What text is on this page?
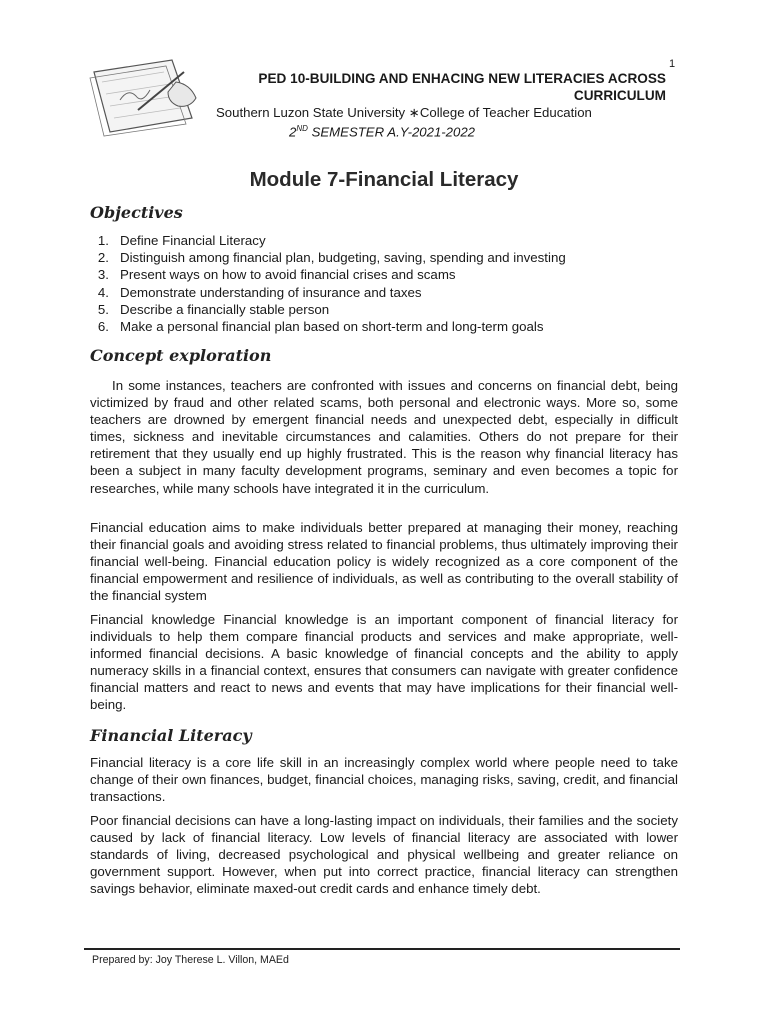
1
PED 10-BUILDING AND ENHACING NEW LITERACIES ACROSS
CURRICULUM
Southern Luzon State University ∗College of Teacher Education
2ND SEMESTER A.Y-2021-2022
Module 7-Financial Literacy
Objectives
1. Define Financial Literacy
2. Distinguish among financial plan, budgeting, saving, spending and investing
3. Present ways on how to avoid financial crises and scams
4. Demonstrate understanding of insurance and taxes
5. Describe a financially stable person
6. Make a personal financial plan based on short-term and long-term goals
Concept exploration

In some instances, teachers are confronted with issues and concerns on financial debt, being victimized by fraud and other related scams, both personal and electronic ways. More so, some teachers are drowned by emergent financial needs and unexpected debt, especially in difficult times, sickness and inevitable circumstances and calamities. Others do not prepare for their retirement that they usually end up highly frustrated. This is the reason why financial literacy has been a subject in many faculty development programs, seminary and even becomes a topic for researches, while many schools have integrated it in the curriculum.

Financial education aims to make individuals better prepared at managing their money, reaching their financial goals and avoiding stress related to financial problems, thus ultimately improving their financial well-being. Financial education policy is widely recognized as a core component of the financial empowerment and resilience of individuals, as well as contributing to the overall stability of the financial system

Financial knowledge Financial knowledge is an important component of financial literacy for individuals to help them compare financial products and services and make appropriate, well-informed financial decisions. A basic knowledge of financial concepts and the ability to apply numeracy skills in a financial context, ensures that consumers can navigate with greater confidence financial matters and react to news and events that may have implications for their financial well-being.

Financial Literacy

Financial literacy is a core life skill in an increasingly complex world where people need to take change of their own finances, budget, financial choices, managing risks, saving, credit, and financial transactions.

Poor financial decisions can have a long-lasting impact on individuals, their families and the society caused by lack of financial literacy. Low levels of financial literacy are associated with lower standards of living, decreased psychological and physical wellbeing and greater reliance on government support. However, when put into correct practice, financial literacy can strengthen savings behavior, eliminate maxed-out credit cards and enhance timely debt.

Prepared by: Joy Therese L. Villon, MAEd
